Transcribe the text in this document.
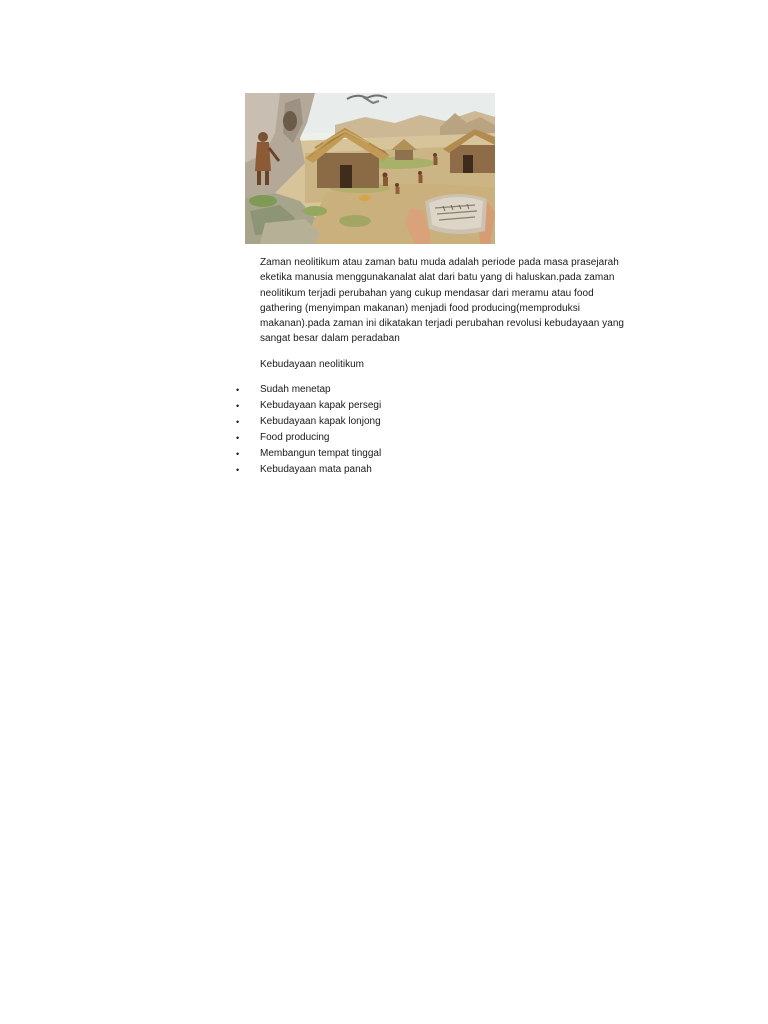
Zaman neolitikum atau zaman batu muda adalah periode pada masa prasejarah
eketika manusia menggunakanalat alat dari batu yang di haluskan.pada zaman
neolitikum terjadi perubahan yang cukup mendasar dari meramu atau food
gathering (menyimpan makanan) menjadi food producing(memproduksi
makanan).pada zaman ini dikatakan terjadi perubahan revolusi kebudayaan yang
sangat besar dalam peradaban
Kebudayaan neolitikum
•	Sudah menetap
•	Kebudayaan kapak persegi
•	Kebudayaan kapak lonjong
•	Food producing
•	Membangun tempat tinggal
•	Kebudayaan mata panah
